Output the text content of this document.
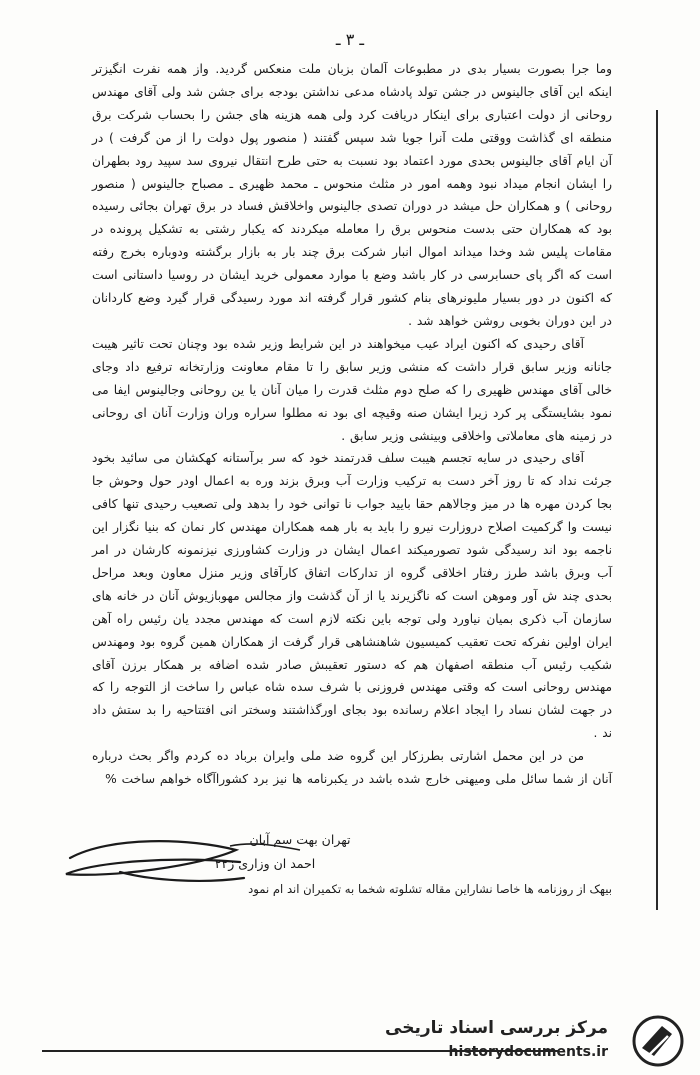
ـ ۳ ـ

وما جرا بصورت بسیار بدی در مطبوعات آلمان بزبان ملت منعکس گردید. واز همه نفرت انگیزتر اینکه این آقای جالینوس در جشن تولد پادشاه مدعی نداشتن بودجه برای جشن شد ولی آقای مهندس روحانی از دولت اعتباری برای اینکار دریافت کرد ولی همه هزینه های جشن را بحساب شرکت برق منطقه ای گذاشت ووقتی ملت آنرا جویا شد سپس گفتند ( منصور پول دولت را از من گرفت ) در آن ایام آقای جالینوس بحدی مورد اعتماد بود نسبت به حتی طرح انتقال نیروی سد سپید رود بطهران را ایشان انجام میداد نبود وهمه امور در مثلث منحوس ـ محمد ظهیری ـ مصباح جالینوس ( منصور روحانی ) و همکاران حل میشد در دوران تصدی جالینوس واخلاقش فساد در برق تهران بجائی رسیده بود که همکاران حتی بدست منحوس برق را معامله میکردند که یکبار رشتی به تشکیل پرونده در مقامات پلیس شد وخدا میداند اموال انبار شرکت برق چند بار به بازار برگشته ودوباره بخرج رفته است که اگر پای حسابرسی در کار باشد وضع با موارد معمولی خرید ایشان در روسیا داستانی است که اکنون در دور بسیار ملیونرهای بنام کشور قرار گرفته اند مورد رسیدگی قرار گیرد وضع کاردانان در این دوران بخوبی روشن خواهد شد .

آقای رحیدی که اکنون ایراد عیب میخواهند در این شرایط وزیر شده بود وچنان تحت تاثیر هیبت جانانه وزیر سابق قرار داشت که منشی وزیر سابق را تا مقام معاونت وزارتخانه ترفیع داد وجای خالی آقای مهندس ظهیری را که صلح دوم مثلث قدرت را میان آنان یا ین روحانی وجالینوس ایفا می نمود بشایستگی پر کرد زیرا ایشان صنه وقیچه ای بود نه مطلوا سراره وران وزارت آنان ای روحانی در زمینه های معاملاتی واخلاقی وبینشی وزیر سابق .

آقای رحیدی در سایه تجسم هیبت سلف قدرتمند خود که سر برآستانه کهکشان می سائید بخود جرئت نداد که تا روز آخر دست به ترکیب وزارت آب وبرق بزند وره به اعمال اودر حول وحوش جا بجا کردن مهره ها در میز وجالاهم حقا بایید جواب نا توانی خود را بدهد ولی تصعیب رحیدی تنها کافی نیست وا گرکمیت اصلاح دروزارت نیرو را باید به بار همه همکاران مهندس کار نمان که بنیا نگزار این ناجمه بود اند رسیدگی شود تصورمیکند اعمال ایشان در وزارت کشاورزی نیزنمونه کارشان در امر آب وبرق باشد طرز رفتار اخلاقی گروه از تداركات اتفاق کارآقای وزیر منزل معاون وبعد مراحل بحدی چند ش آور وموهن است که ناگزیرند یا از آن گذشت واز مجالس مهوبازیوش آنان در خانه های سازمان آب ذکری بمیان نیاورد ولی توجه باین نکته لازم است که مهندس مجدد یان رئیس راه آهن ایران اولین نفرکه تحت تعقیب کمیسیون شاهنشاهی قرار گرفت از همکاران همین گروه بود ومهندس شکیب رئیس آب منطقه اصفهان هم که دستور تعقیبش صادر شده اضافه بر همکار برزن آقای مهندس روحانی است که وقتی مهندس فروزنی با شرف سده شاه عباس را ساخت از التوجه را که در جهت لشان نساد را ایجاد اعلام رسانده بود بجای اورگذاشتند وسختر انی افتتاحیه را بد ستش داد ند .

من در این محمل اشارتی بطرزکار این گروه ضد ملی وایران برباد ده کردم واگر بحث درباره آنان از شما سائل ملی ومیهنی خارج شده باشد در یکبرنامه ها نیز برد کشوراآگاه خواهم ساخت %

تهران بهت سم آبان
احمد ان وزاری ز۲۲
بیهک از روزنامه ها خاصا نشاراین مقاله تشلوته شخما به تکمیران اند ام نمود
مرکز بررسی اسناد تاریخی
historydocuments.ir
